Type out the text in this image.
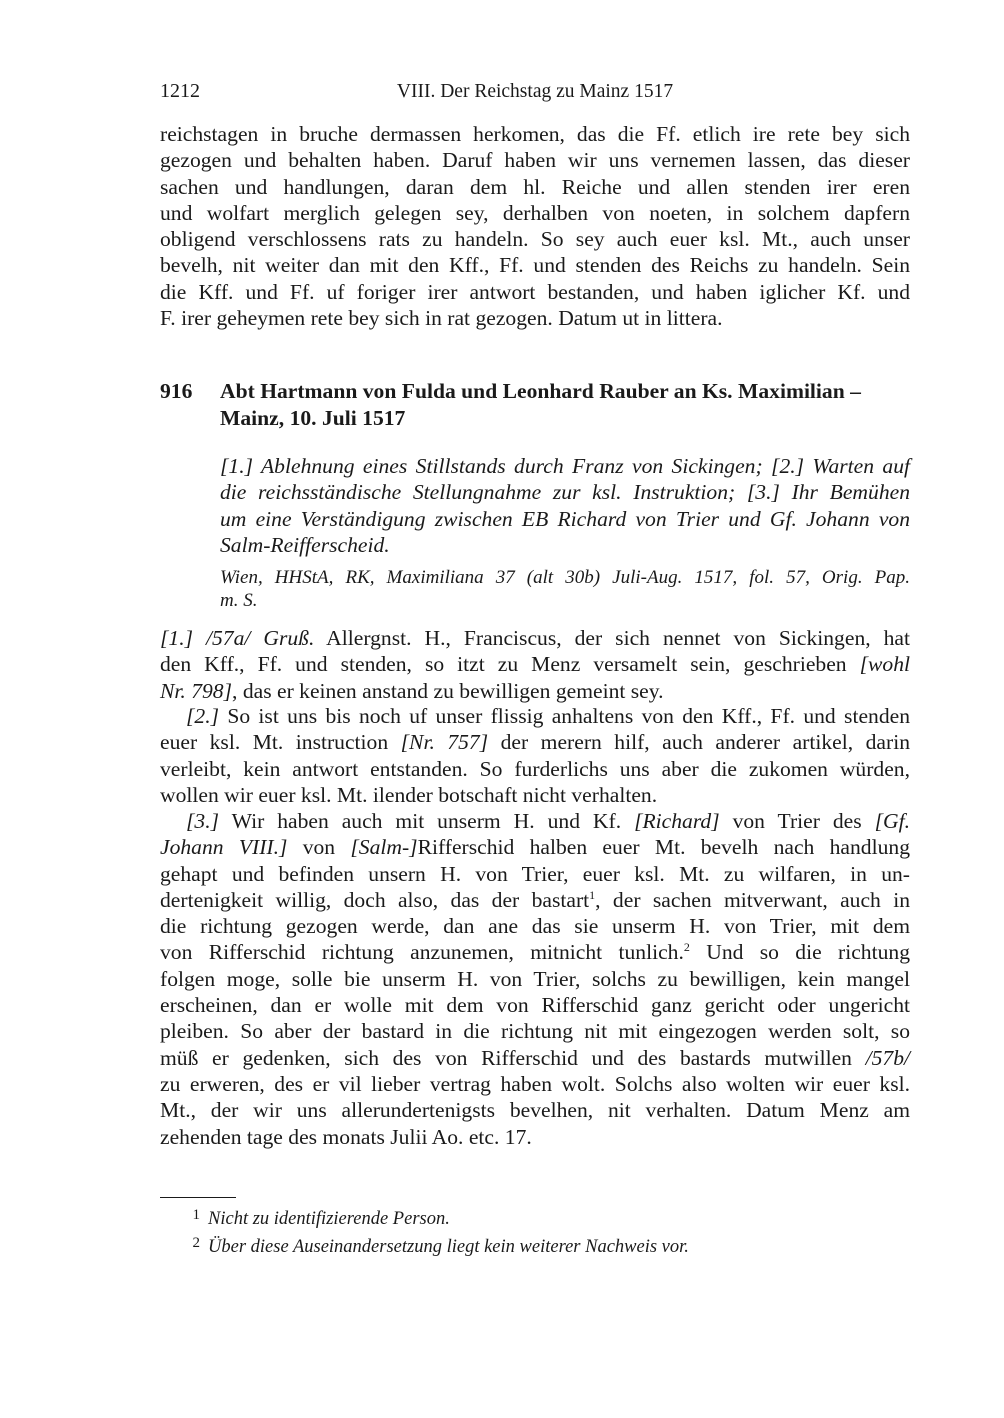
1212	VIII. Der Reichstag zu Mainz 1517
reichstagen in bruche dermassen herkomen, das die Ff. etlich ire rete bey sich
gezogen und behalten haben. Daruf haben wir uns vernemen lassen, das dieser
sachen und handlungen, daran dem hl. Reiche und allen stenden irer eren
und wolfart merglich gelegen sey, derhalben von noeten, in solchem dapfern
obligend verschlossens rats zu handeln. So sey auch euer ksl. Mt., auch unser
bevelh, nit weiter dan mit den Kff., Ff. und stenden des Reichs zu handeln. Sein
die Kff. und Ff. uf foriger irer antwort bestanden, und haben iglicher Kf. und
F. irer geheymen rete bey sich in rat gezogen. Datum ut in littera.
916 Abt Hartmann von Fulda und Leonhard Rauber an Ks. Maximilian –
Mainz, 10. Juli 1517
[1.] Ablehnung eines Stillstands durch Franz von Sickingen; [2.] Warten auf
die reichsständische Stellungnahme zur ksl. Instruktion; [3.] Ihr Bemühen
um eine Verständigung zwischen EB Richard von Trier und Gf. Johann von
Salm-Reifferscheid.
Wien, HHStA, RK, Maximiliana 37 (alt 30b) Juli-Aug. 1517, fol. 57, Orig. Pap.
m. S.
[1.] /57a/ Gruß. Allergnst. H., Franciscus, der sich nennet von Sickingen, hat
den Kff., Ff. und stenden, so itzt zu Menz versamelt sein, geschrieben [wohl
Nr. 798], das er keinen anstand zu bewilligen gemeint sey.
[2.] So ist uns bis noch uf unser flissig anhaltens von den Kff., Ff. und stenden
euer ksl. Mt. instruction [Nr. 757] der merern hilf, auch anderer artikel, darin
verleibt, kein antwort entstanden. So furderlichs uns aber die zukomen würden,
wollen wir euer ksl. Mt. ilender botschaft nicht verhalten.
[3.] Wir haben auch mit unserm H. und Kf. [Richard] von Trier des [Gf.
Johann VIII.] von [Salm-]Rifferschid halben euer Mt. bevelh nach handlung
gehapt und befinden unsern H. von Trier, euer ksl. Mt. zu wilfaren, in un-
dertenigkeit willig, doch also, das der bastart$^1$, der sachen mitverwant, auch in
die richtung gezogen werde, dan ane das sie unserm H. von Trier, mit dem
von Rifferschid richtung anzunemen, mitnicht tunlich.$^2$ Und so die richtung
folgen moge, solle bie unserm H. von Trier, solchs zu bewilligen, kein mangel
erscheinen, dan er wolle mit dem von Rifferschid ganz gericht oder ungericht
pleiben. So aber der bastard in die richtung nit mit eingezogen werden solt, so
müß er gedenken, sich des von Rifferschid und des bastards mutwillen /57b/
zu erweren, des er vil lieber vertrag haben wolt. Solchs also wolten wir euer ksl.
Mt., der wir uns allerundertenigsts bevelhen, nit verhalten. Datum Menz am
zehenden tage des monats Julii Ao. etc. 17.
1 Nicht zu identifizierende Person.
2 Über diese Auseinandersetzung liegt kein weiterer Nachweis vor.
